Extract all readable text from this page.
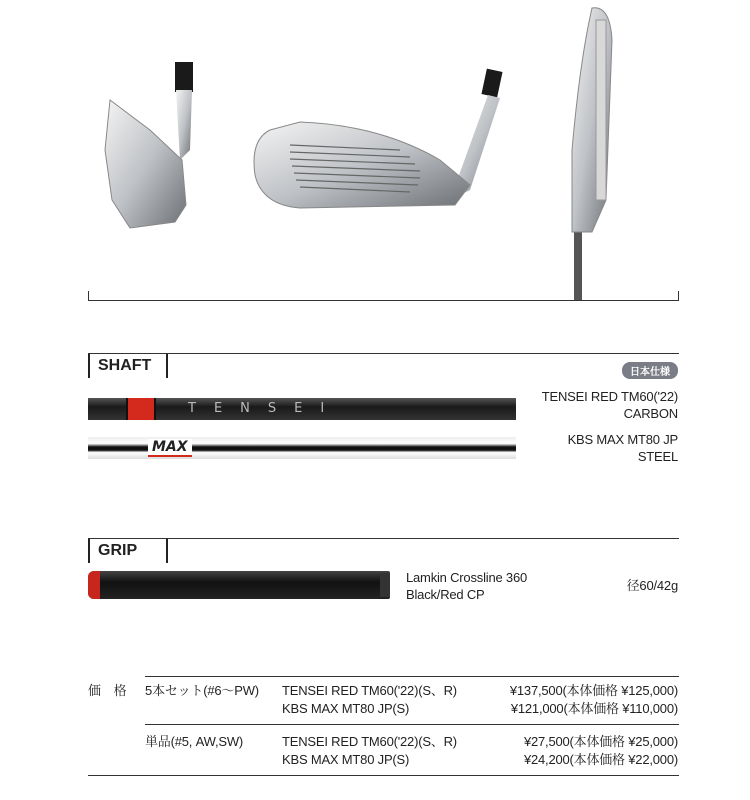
SHAFT	日本仕様
TENSEI
MAX
TENSEI RED TM60('22)
CARBON
KBS MAX MT80 JP
STEEL
GRIP
Lamkin Crossline 360
Black/Red CP
径60/42g
価　格 5本セット(#6〜PW) TENSEI RED TM60('22)(S、R)
KBS MAX MT80 JP(S)
¥137,500(本体価格 ¥125,000)
¥121,000(本体価格 ¥110,000)
単品(#5, AW,SW)	TENSEI RED TM60('22)(S、R)
KBS MAX MT80 JP(S)
¥27,500(本体価格 ¥25,000)
¥24,200(本体価格 ¥22,000)
